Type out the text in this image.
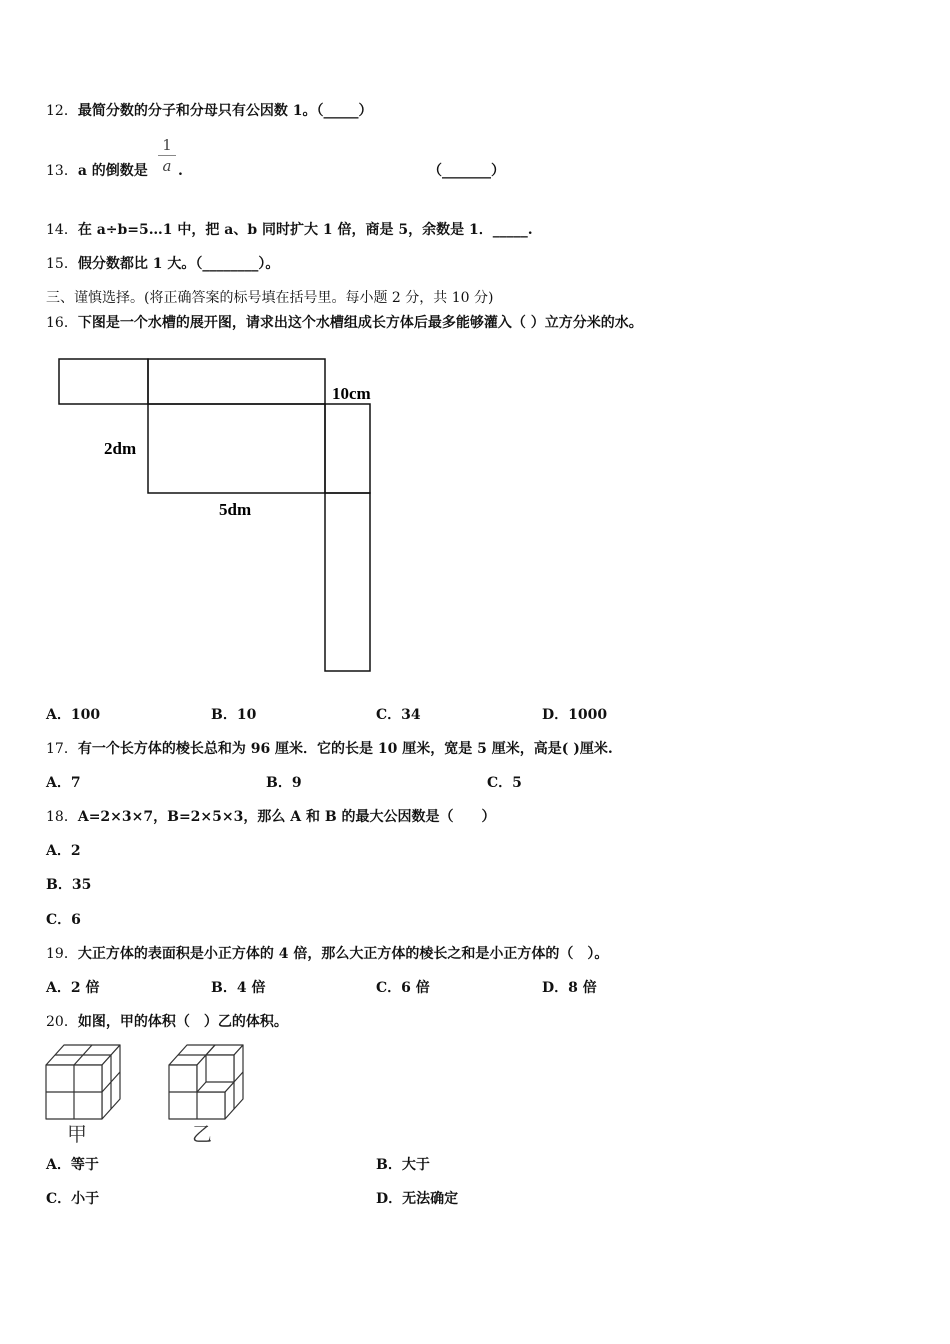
12．最简分数的分子和分母只有公因数 1。（_____）
13．a 的倒数是
1
a .	（_______）
14．在 a÷b=5…1 中，把 a、b 同时扩大 1 倍，商是 5，余数是 1．_____.
15．假分数都比 1 大。（________）。
三、谨慎选择。(将正确答案的标号填在括号里。每小题 2 分，共 10 分)
16．下图是一个水槽的展开图，请求出这个水槽组成长方体后最多能够灌入（ ）立方分米的水。
10cm
2dm
5dm
A．100	B．10	C．34	D．1000
17．有一个长方体的棱长总和为 96 厘米．它的长是 10 厘米，宽是 5 厘米，高是( )厘米.
A．7	B．9	C．5
18．A=2×3×7，B=2×5×3，那么 A 和 B 的最大公因数是（　　）
A．2
B．35
C．6
19．大正方体的表面积是小正方体的 4 倍，那么大正方体的棱长之和是小正方体的（　）。
A．2 倍	B．4 倍	C．6 倍	D．8 倍
20．如图，甲的体积（　）乙的体积。
甲	乙
A．等于	B．大于
C．小于	D．无法确定
